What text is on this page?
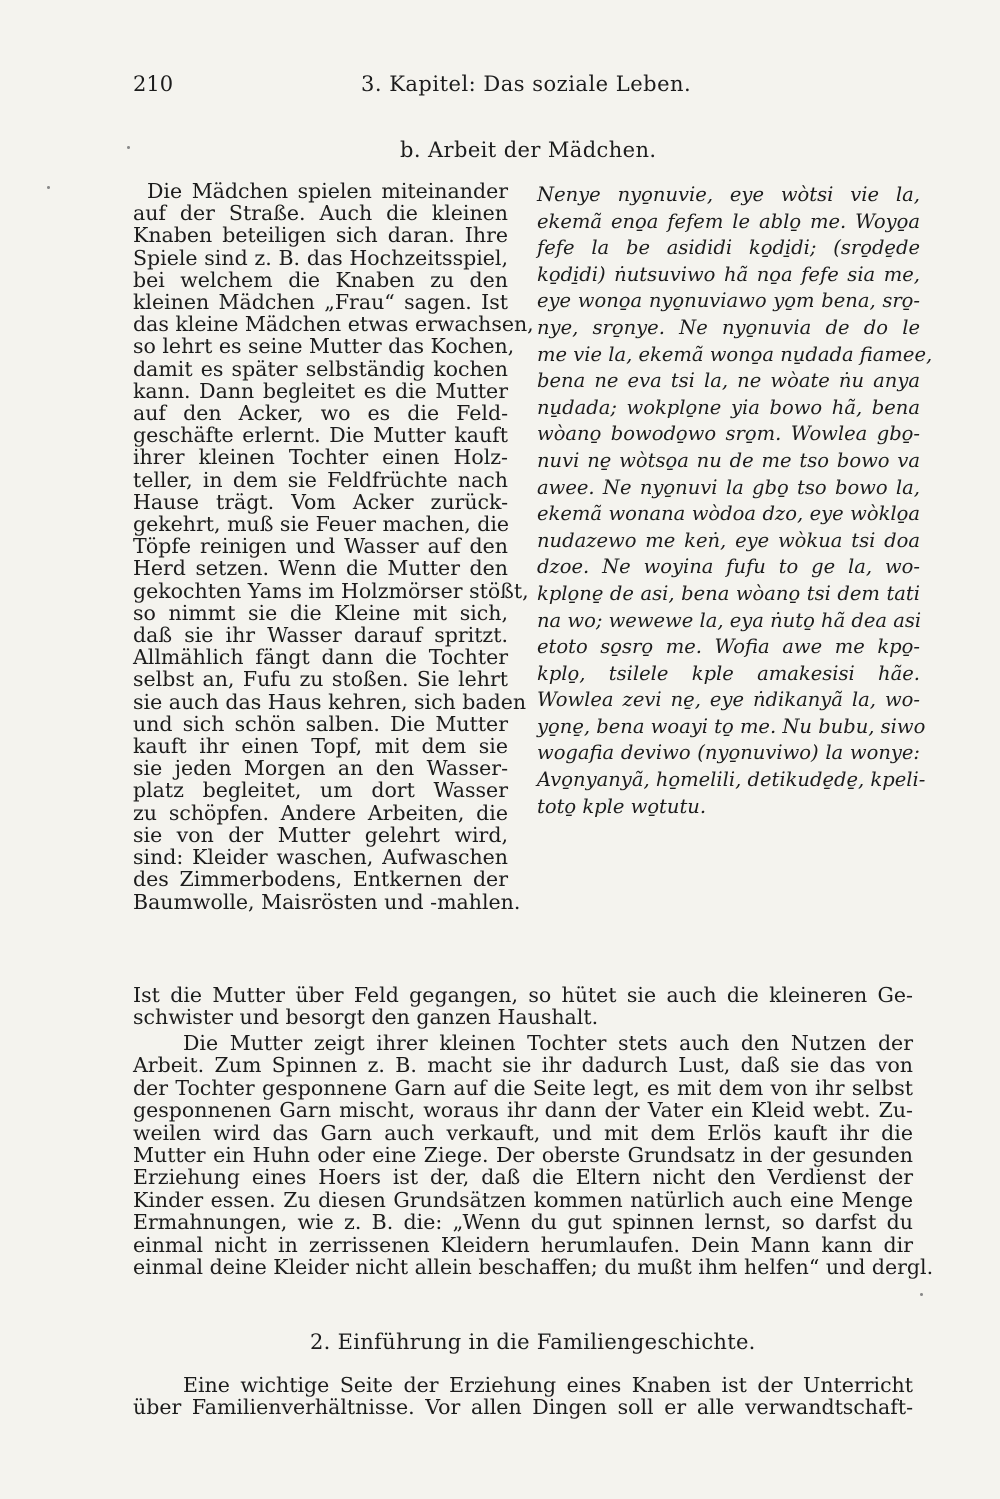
210	3. Kapitel: Das soziale Leben.
b. Arbeit der Mädchen.
Die Mädchen spielen miteinander
auf der Straße. Auch die kleinen
Knaben beteiligen sich daran. Ihre
Spiele sind z. B. das Hochzeitsspiel,
bei welchem die Knaben zu den
kleinen Mädchen „Frau“ sagen. Ist
das kleine Mädchen etwas erwachsen,
so lehrt es seine Mutter das Kochen,
damit es später selbständig kochen
kann. Dann begleitet es die Mutter
auf den Acker, wo es die Feld-
geschäfte erlernt. Die Mutter kauft
ihrer kleinen Tochter einen Holz-
teller, in dem sie Feldfrüchte nach
Hause trägt. Vom Acker zurück-
gekehrt, muß sie Feuer machen, die
Töpfe reinigen und Wasser auf den
Herd setzen. Wenn die Mutter den
gekochten Yams im Holzmörser stößt,
so nimmt sie die Kleine mit sich,
daß sie ihr Wasser darauf spritzt.
Allmählich fängt dann die Tochter
selbst an, Fufu zu stoßen. Sie lehrt
sie auch das Haus kehren, sich baden
und sich schön salben. Die Mutter
kauft ihr einen Topf, mit dem sie
sie jeden Morgen an den Wasser-
platz begleitet, um dort Wasser
zu schöpfen. Andere Arbeiten, die
sie von der Mutter gelehrt wird,
sind: Kleider waschen, Aufwaschen
des Zimmerbodens, Entkernen der
Baumwolle, Maisrösten und -mahlen.
Nenye nyo̱nuvie, eye wòtsi vie la,
ekemã eno̱a fefem le ablo̱ me. Woyo̱a
fefe la be asididi ko̱di̱di; (sro̱de̱de
ko̱di̱di) ṅutsuviwo hã no̱a fefe sia me,
eye wono̱a nyo̱nuviawo yo̱m bena, sro̱-
nye, sro̱nye. Ne nyo̱nuvia de do le
me vie la, ekemã wono̱a nu̱dada fiamee,
bena ne eva tsi la, ne wòate ṅu anya
nu̱dada; wokplo̱ne yia bowo hã, bena
wòano̱ bowodo̱wo sro̱m. Wowlea gbo̱-
nuvi ne̱ wòtso̱a nu de me tso bowo va
awee. Ne nyo̱nuvi la gbo̱ tso bowo la,
ekemã wonana wòdoa dzo, eye wòklo̱a
nudazewo me keṅ, eye wòkua tsi doa
dzoe. Ne woyina fufu to ge la, wo-
kplo̱ne̱ de asi, bena wòano̱ tsi dem tati
na wo; wewewe la, eya ṅuto̱ hã dea asi
etoto so̱sro̱ me. Wofia awe me kpo̱-
kplo̱, tsilele kple amakesisi hãe.
Wowlea zevi ne̱, eye ṅdikanyã la, wo-
yo̱ne̱, bena woayi to̱ me. Nu bubu, siwo
wogafia deviwo (nyo̱nuviwo) la wonye:
Avo̱nyanyã, ho̱melili, detikude̱de̱, kpeli-
toto̱ kple wo̱tutu.
Ist die Mutter über Feld gegangen, so hütet sie auch die kleineren Ge-
schwister und besorgt den ganzen Haushalt.
Die Mutter zeigt ihrer kleinen Tochter stets auch den Nutzen der
Arbeit. Zum Spinnen z. B. macht sie ihr dadurch Lust, daß sie das von
der Tochter gesponnene Garn auf die Seite legt, es mit dem von ihr selbst
gesponnenen Garn mischt, woraus ihr dann der Vater ein Kleid webt. Zu-
weilen wird das Garn auch verkauft, und mit dem Erlös kauft ihr die
Mutter ein Huhn oder eine Ziege. Der oberste Grundsatz in der gesunden
Erziehung eines Hoers ist der, daß die Eltern nicht den Verdienst der
Kinder essen. Zu diesen Grundsätzen kommen natürlich auch eine Menge
Ermahnungen, wie z. B. die: „Wenn du gut spinnen lernst, so darfst du
einmal nicht in zerrissenen Kleidern herumlaufen. Dein Mann kann dir
einmal deine Kleider nicht allein beschaffen; du mußt ihm helfen“ und dergl.
2. Einführung in die Familiengeschichte.
Eine wichtige Seite der Erziehung eines Knaben ist der Unterricht
über Familienverhältnisse. Vor allen Dingen soll er alle verwandtschaft-
